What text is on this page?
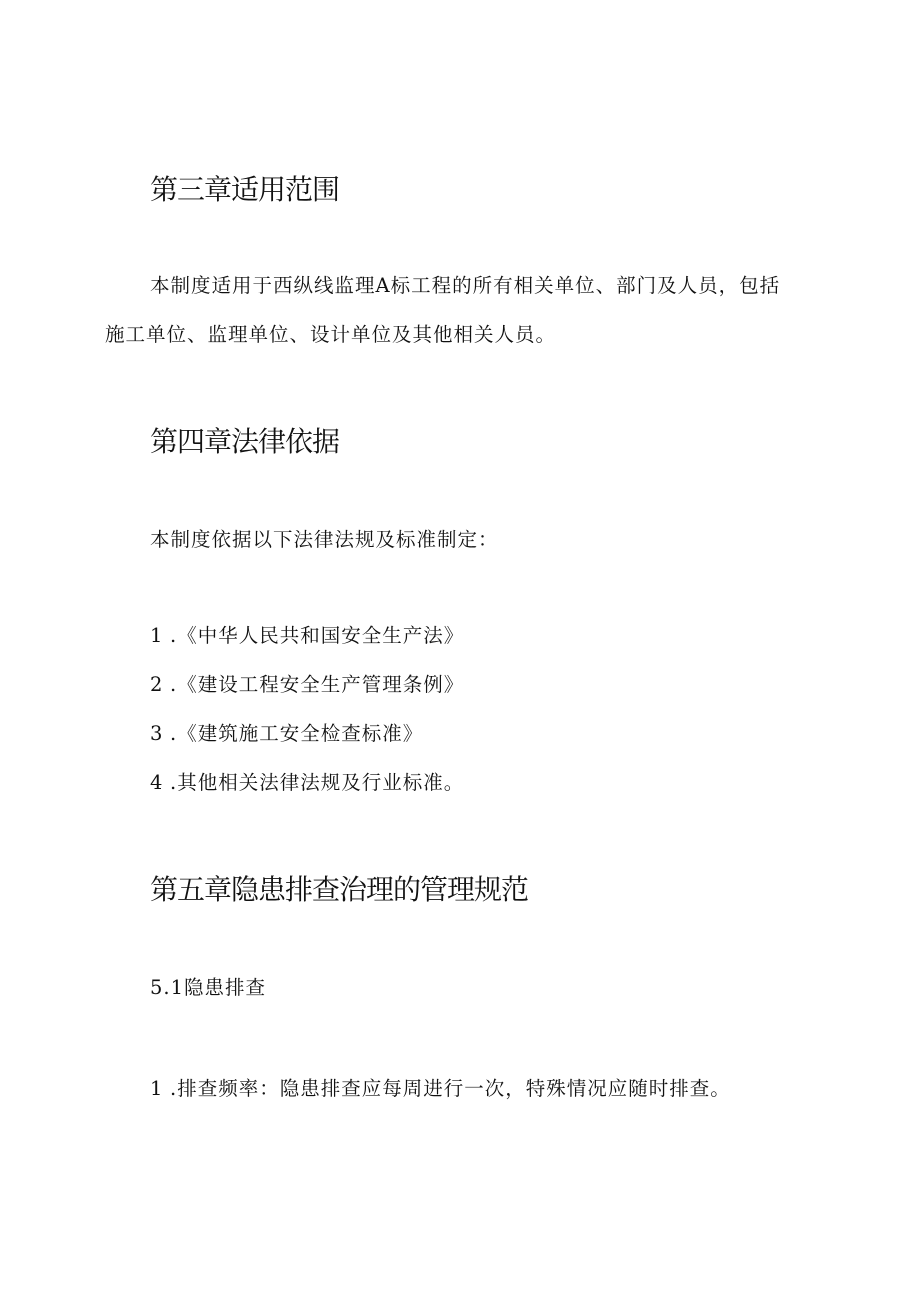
第三章适用范围

本制度适用于西纵线监理A标工程的所有相关单位、部门及人员，包括

施工单位、监理单位、设计单位及其他相关人员。

第四章法律依据

本制度依据以下法律法规及标准制定：

1 .《中华人民共和国安全生产法》

2 .《建设工程安全生产管理条例》

3 .《建筑施工安全检查标准》

4 .其他相关法律法规及行业标准。

第五章隐患排查治理的管理规范

5.1隐患排查

1 .排查频率：隐患排查应每周进行一次，特殊情况应随时排查。
